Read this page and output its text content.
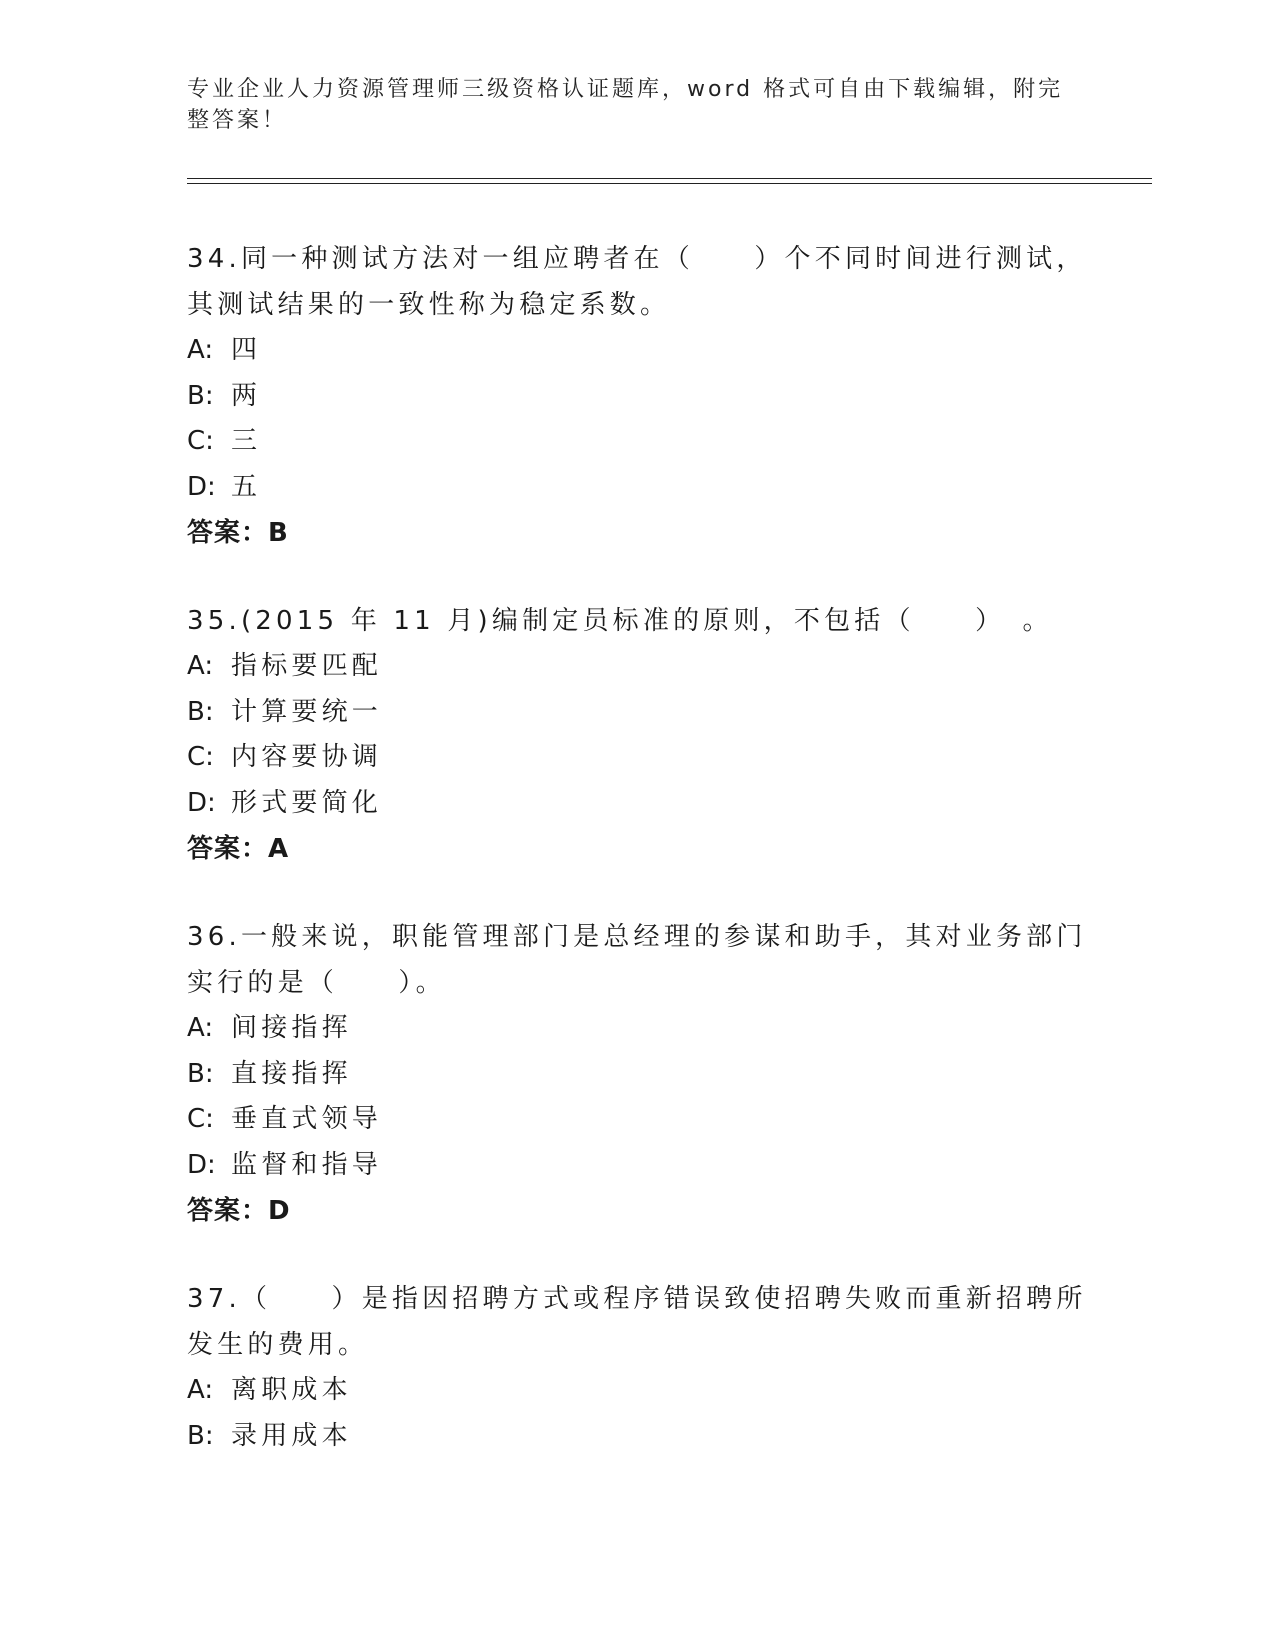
专业企业人力资源管理师三级资格认证题库，word 格式可自由下载编辑，附完整答案！

34.同一种测试方法对一组应聘者在（　　）个不同时间进行测试，其测试结果的一致性称为稳定系数。

A: 四
B: 两
C: 三
D: 五
答案：B

35.(2015 年 11 月)编制定员标准的原则，不包括（　　）　。

A: 指标要匹配
B: 计算要统一
C: 内容要协调
D: 形式要简化
答案：A

36.一般来说，职能管理部门是总经理的参谋和助手，其对业务部门实行的是（　　）。

A: 间接指挥
B: 直接指挥
C: 垂直式领导
D: 监督和指导
答案：D

37.（　　）是指因招聘方式或程序错误致使招聘失败而重新招聘所发生的费用。

A: 离职成本
B: 录用成本
